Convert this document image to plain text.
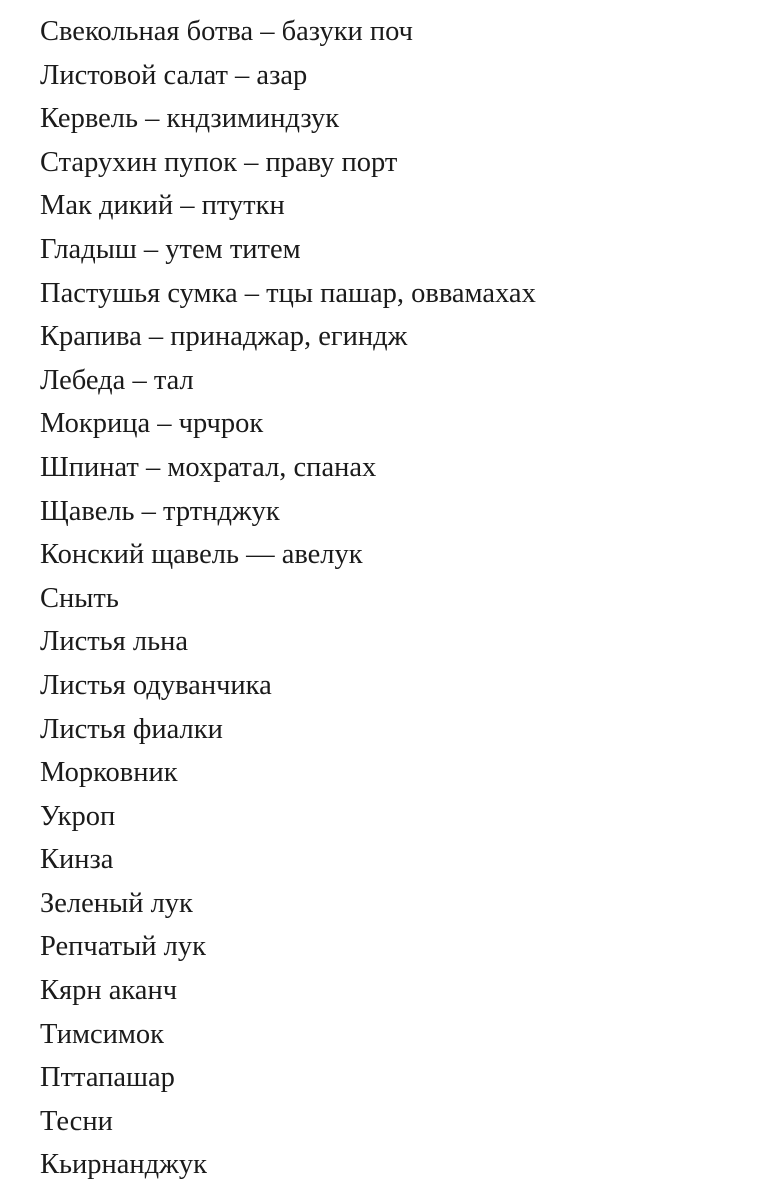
Свекольная ботва – базуки поч
Листовой салат – азар
Кервель – кндзиминдзук
Старухин пупок – праву порт
Мак дикий – птуткн
Гладыш – утем титем
Пастушья сумка – тцы пашар, оввамахах
Крапива – принаджар, егиндж
Лебеда – тал
Мокрица – чрчрок
Шпинат – мохратал, спанах
Щавель – тртнджук
Конский щавель — авелук
Сныть
Листья льна
Листья одуванчика
Листья фиалки
Морковник
Укроп
Кинза
Зеленый лук
Репчатый лук
Кярн аканч
Тимсимок
Пттапашар
Тесни
Кьирнанджук
